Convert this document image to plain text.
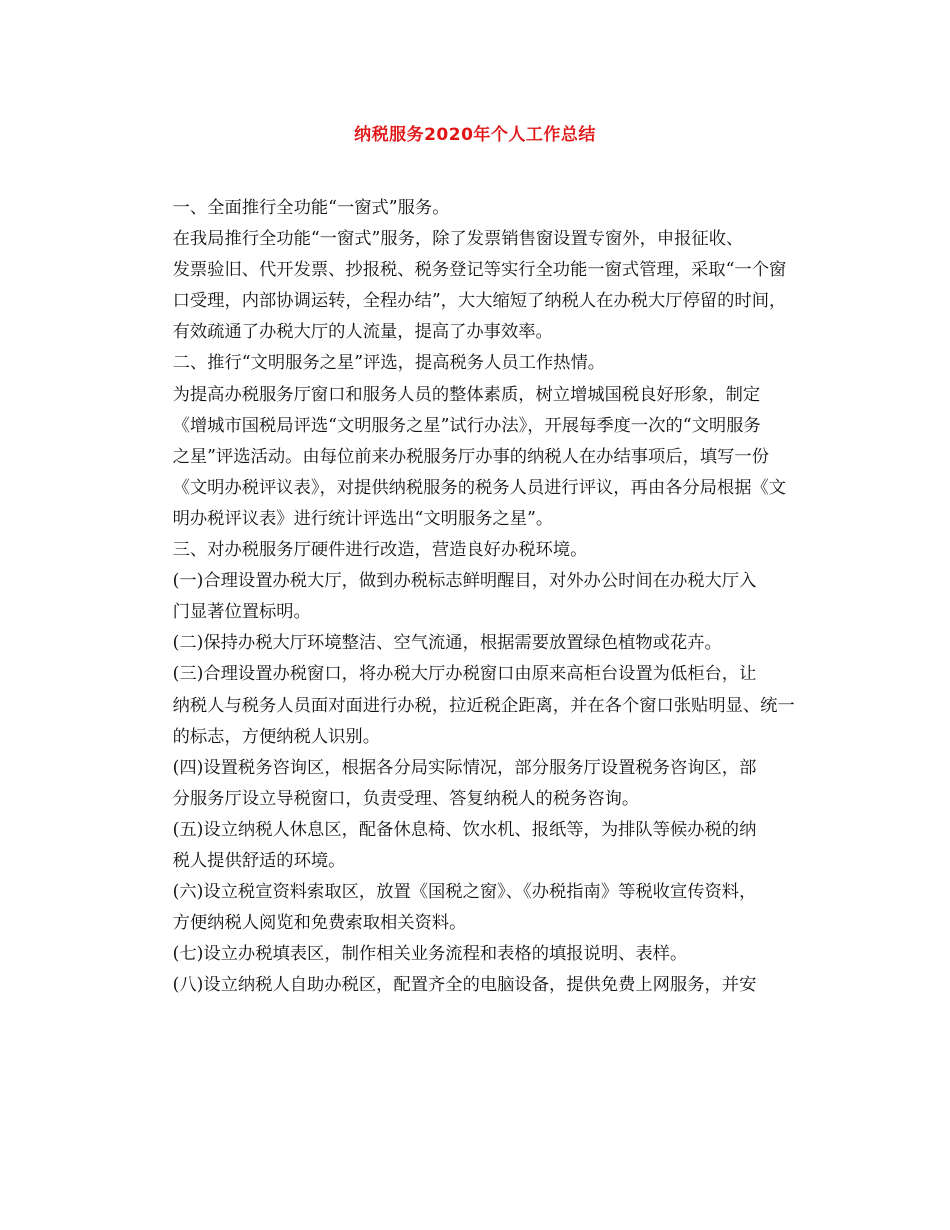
纳税服务2020年个人工作总结

一、全面推行全功能“一窗式”服务。

在我局推行全功能“一窗式”服务，除了发票销售窗设置专窗外，申报征收、
发票验旧、代开发票、抄报税、税务登记等实行全功能一窗式管理，采取“一个窗
口受理，内部协调运转，全程办结”，大大缩短了纳税人在办税大厅停留的时间，
有效疏通了办税大厅的人流量，提高了办事效率。

二、推行“文明服务之星”评选，提高税务人员工作热情。

为提高办税服务厅窗口和服务人员的整体素质，树立增城国税良好形象，制定
《增城市国税局评选“文明服务之星”试行办法》，开展每季度一次的“文明服务
之星”评选活动。由每位前来办税服务厅办事的纳税人在办结事项后，填写一份
《文明办税评议表》，对提供纳税服务的税务人员进行评议，再由各分局根据《文
明办税评议表》进行统计评选出“文明服务之星”。

三、对办税服务厅硬件进行改造，营造良好办税环境。

(一)合理设置办税大厅，做到办税标志鲜明醒目，对外办公时间在办税大厅入
门显著位置标明。

(二)保持办税大厅环境整洁、空气流通，根据需要放置绿色植物或花卉。

(三)合理设置办税窗口，将办税大厅办税窗口由原来高柜台设置为低柜台，让
纳税人与税务人员面对面进行办税，拉近税企距离，并在各个窗口张贴明显、统一
的标志，方便纳税人识别。

(四)设置税务咨询区，根据各分局实际情况，部分服务厅设置税务咨询区，部
分服务厅设立导税窗口，负责受理、答复纳税人的税务咨询。

(五)设立纳税人休息区，配备休息椅、饮水机、报纸等，为排队等候办税的纳
税人提供舒适的环境。

(六)设立税宣资料索取区，放置《国税之窗》、《办税指南》等税收宣传资料，
方便纳税人阅览和免费索取相关资料。

(七)设立办税填表区，制作相关业务流程和表格的填报说明、表样。

(八)设立纳税人自助办税区，配置齐全的电脑设备，提供免费上网服务，并安
